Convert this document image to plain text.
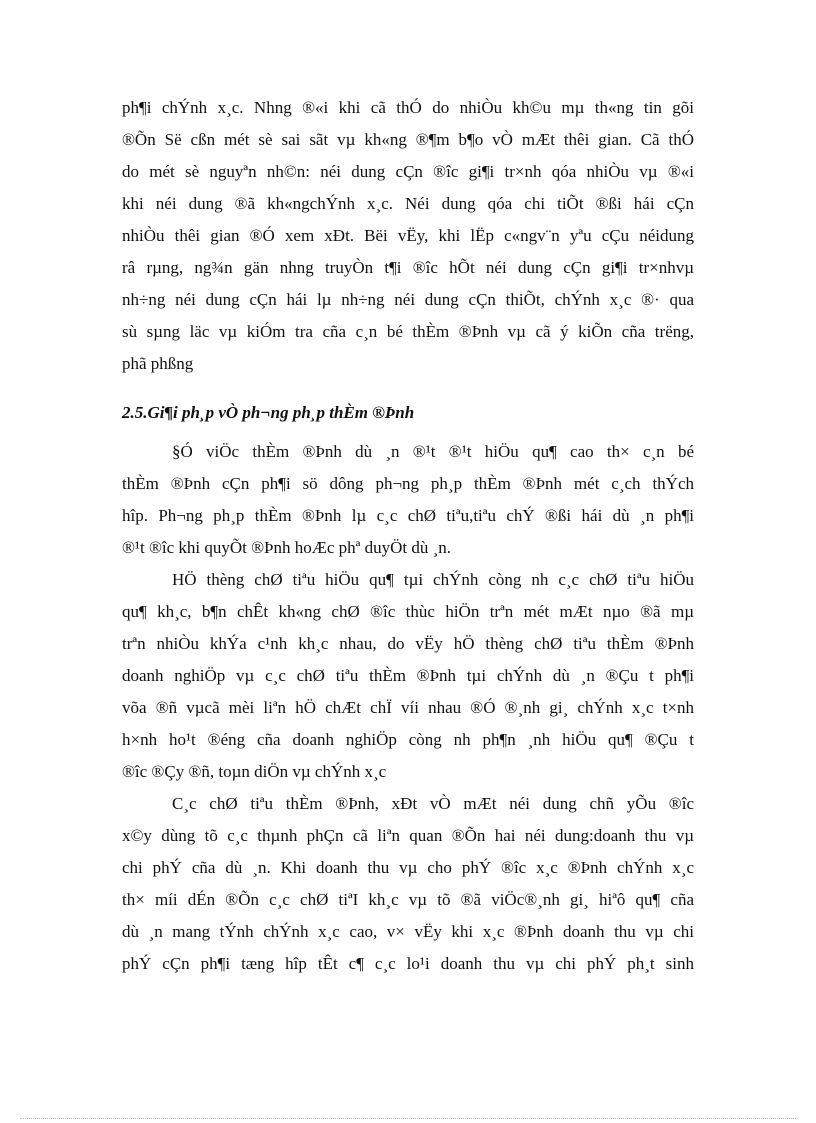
ph¶i chÝnh x¸c. Nhng ®«i khi cã thÓ do nhiÒu kh©u mµ th«ng tin gõi
®Õn Së cßn mét sè sai sãt vµ kh«ng ®¶m b¶o vÒ mÆt thêi gian. Cã thÓ
do mét sè nguyªn nh©n: néi dung cÇn ®îc gi¶i tr×nh qóa nhiÒu vµ ®«i
khi néi dung ®ã kh«ngchÝnh x¸c. Néi dung qóa chi tiÕt ®ßi hái cÇn
nhiÒu thêi gian ®Ó xem xÐt. Bëi vËy, khi lËp c«ngv¨n yªu cÇu néidung
râ rµng, ng¾n gän nhng truyÒn t¶i ®îc hÕt néi dung cÇn gi¶i tr×nhvµ
nh÷ng néi dung cÇn hái lµ nh÷ng néi dung cÇn thiÕt, chÝnh x¸c ®· qua
sù sµng läc vµ kiÓm tra cña c¸n bé thÈm ®Þnh vµ cã ý kiÕn cña trëng,
phã phßng
2.5.Gi¶i ph¸p vÒ ph¬ng ph¸p thÈm ®Þnh
§Ó viÖc thÈm ®Þnh dù ¸n ®¹t ®¹t hiÖu qu¶ cao th× c¸n bé
thÈm ®Þnh cÇn ph¶i sö dông ph¬ng ph¸p thÈm ®Þnh mét c¸ch thÝch
hîp. Ph¬ng ph¸p thÈm ®Þnh lµ c¸c chØ tiªu,tiªu chÝ ®ßi hái dù ¸n ph¶i
®¹t ®îc khi quyÕt ®Þnh hoÆc phª duyÖt dù ¸n.
HÖ thèng chØ tiªu hiÖu qu¶ tµi chÝnh còng nh c¸c chØ tiªu hiÖu
qu¶ kh¸c, b¶n chÊt kh«ng chØ ®îc thùc hiÖn trªn mét mÆt nµo ®ã mµ
trªn nhiÒu khÝa c¹nh kh¸c nhau, do vËy hÖ thèng chØ tiªu thÈm ®Þnh
doanh nghiÖp vµ c¸c chØ tiªu thÈm ®Þnh tµi chÝnh dù ¸n ®Çu t ph¶i
võa ®ñ vµcã mèi liªn hÖ chÆt chÏ víi nhau ®Ó ®¸nh gi¸ chÝnh x¸c t×nh
h×nh ho¹t ®éng cña doanh nghiÖp còng nh ph¶n ¸nh hiÖu qu¶ ®Çu t
®îc ®Çy ®ñ, toµn diÖn vµ chÝnh x¸c
C¸c chØ tiªu thÈm ®Þnh, xÐt vÒ mÆt néi dung chñ yÕu ®îc
x©y dùng tõ c¸c thµnh phÇn cã liªn quan ®Õn hai néi dung:doanh thu vµ
chi phÝ cña dù ¸n. Khi doanh thu vµ cho phÝ ®îc x¸c ®Þnh chÝnh x¸c
th× míi dÉn ®Õn c¸c chØ tiªI kh¸c vµ tõ ®ã viÖc®¸nh gi¸ hiªô qu¶ cña
dù ¸n mang tÝnh chÝnh x¸c cao, v× vËy khi x¸c ®Þnh doanh thu vµ chi
phÝ cÇn ph¶i tæng hîp tÊt c¶ c¸c lo¹i doanh thu vµ chi phÝ ph¸t sinh
